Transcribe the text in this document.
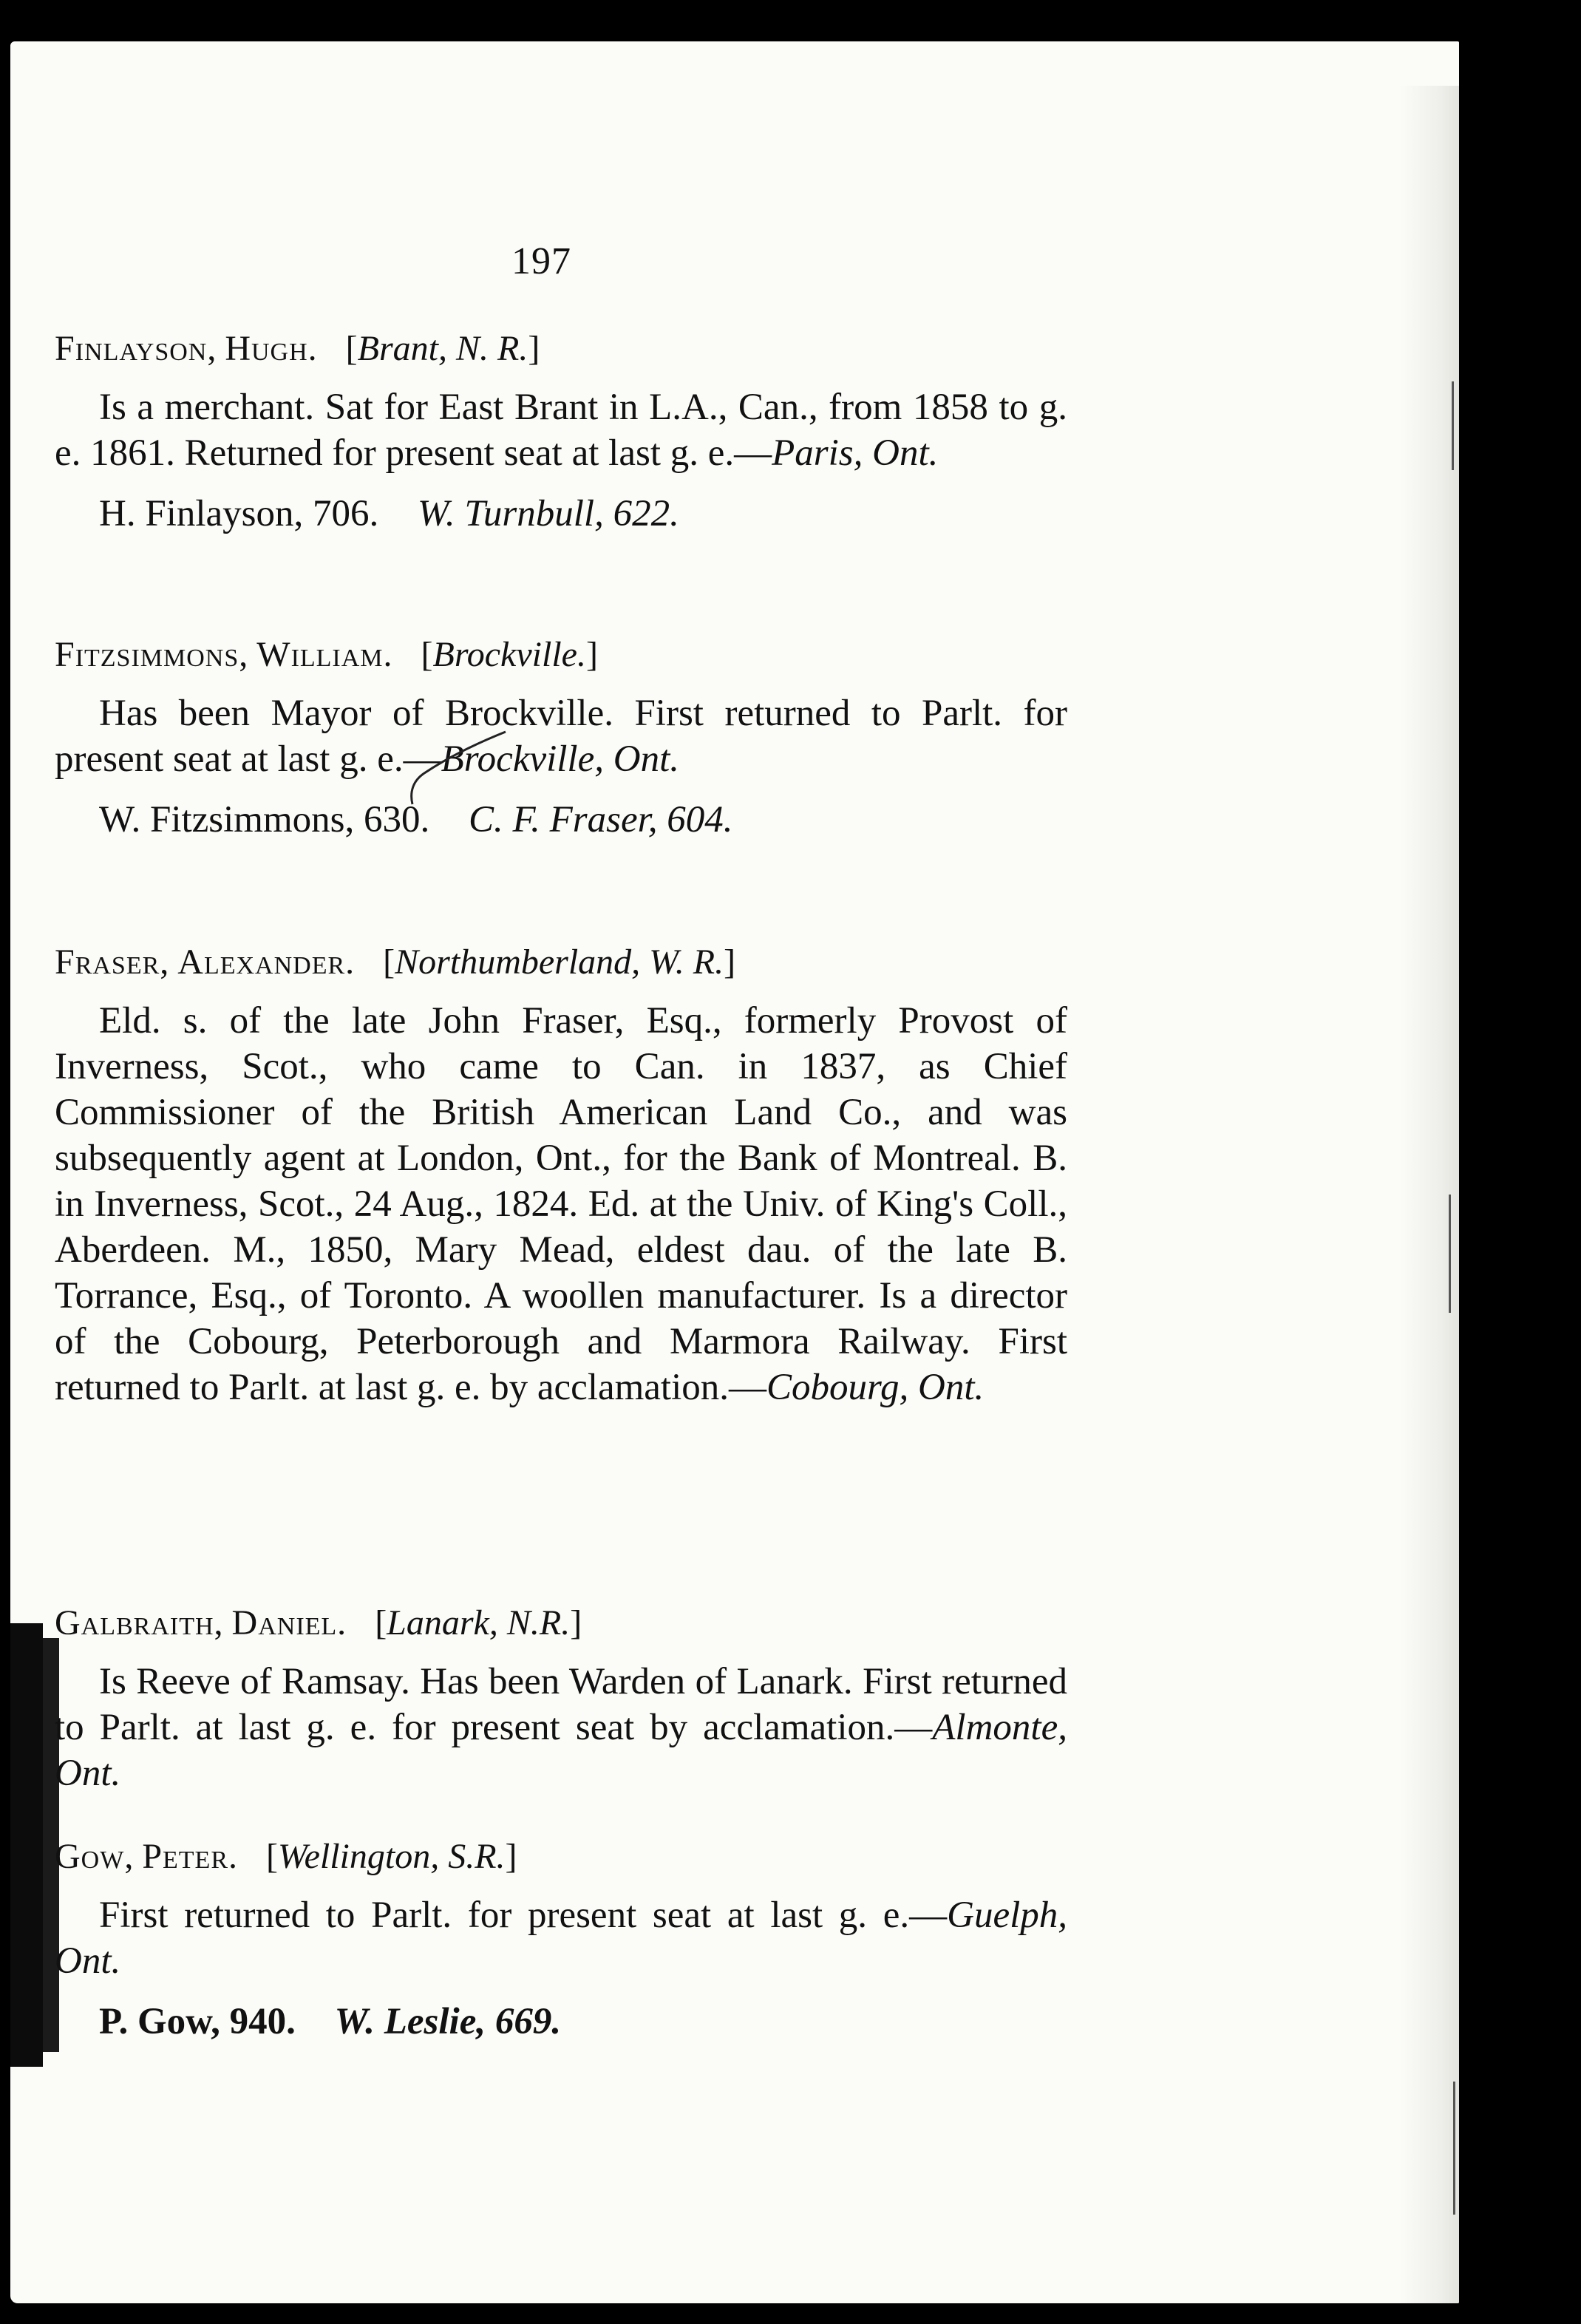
197
Finlayson, Hugh. [Brant, N. R.]

Is a merchant. Sat for East Brant in L.A., Can., from 1858 to g. e. 1861. Returned for present seat at last g. e.—Paris, Ont.

H. Finlayson, 706. W. Turnbull, 622.
Fitzsimmons, William. [Brockville.]

Has been Mayor of Brockville. First returned to Parlt. for present seat at last g. e.—Brockville, Ont.

W. Fitzsimmons, 630. C. F. Fraser, 604.
Fraser, Alexander. [Northumberland, W. R.]

Eld. s. of the late John Fraser, Esq., formerly Provost of Inverness, Scot., who came to Can. in 1837, as Chief Commissioner of the British American Land Co., and was subsequently agent at London, Ont., for the Bank of Montreal. B. in Inverness, Scot., 24 Aug., 1824. Ed. at the Univ. of King's Coll., Aberdeen. M., 1850, Mary Mead, eldest dau. of the late B. Torrance, Esq., of Toronto. A woollen manufacturer. Is a director of the Cobourg, Peterborough and Marmora Railway. First returned to Parlt. at last g. e. by acclamation.—Cobourg, Ont.

Galbraith, Daniel. [Lanark, N.R.]

Is Reeve of Ramsay. Has been Warden of Lanark. First returned to Parlt. at last g. e. for present seat by acclamation.—Almonte, Ont.

Gow, Peter. [Wellington, S.R.]

First returned to Parlt. for present seat at last g. e.—Guelph, Ont.

P. Gow, 940. W. Leslie, 669.
